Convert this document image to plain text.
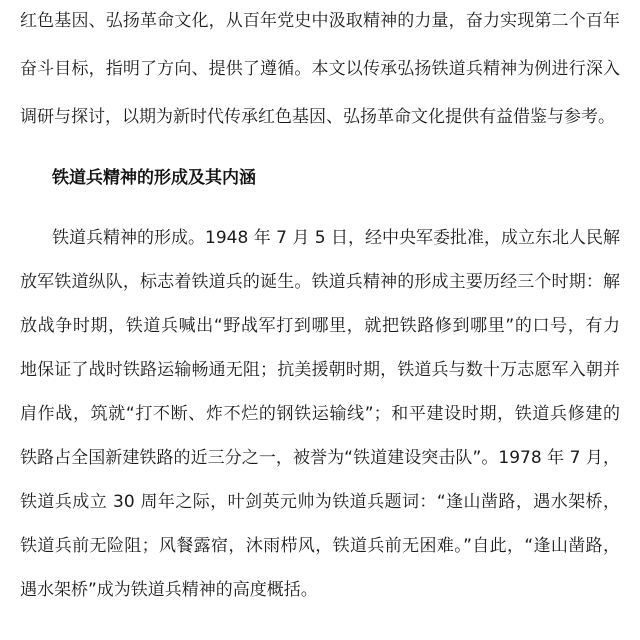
红色基因、弘扬革命文化，从百年党史中汲取精神的力量，奋力实现第二个百年
奋斗目标，指明了方向、提供了遵循。本文以传承弘扬铁道兵精神为例进行深入
调研与探讨，以期为新时代传承红色基因、弘扬革命文化提供有益借鉴与参考。
铁道兵精神的形成及其内涵
铁道兵精神的形成。1948 年 7 月 5 日，经中央军委批准，成立东北人民解
放军铁道纵队，标志着铁道兵的诞生。铁道兵精神的形成主要历经三个时期：解
放战争时期，铁道兵喊出“野战军打到哪里，就把铁路修到哪里”的口号，有力
地保证了战时铁路运输畅通无阻；抗美援朝时期，铁道兵与数十万志愿军入朝并
肩作战，筑就“打不断、炸不烂的钢铁运输线”；和平建设时期，铁道兵修建的
铁路占全国新建铁路的近三分之一，被誉为“铁道建设突击队”。1978 年 7 月，
铁道兵成立 30 周年之际，叶剑英元帅为铁道兵题词：“逢山凿路，遇水架桥，
铁道兵前无险阻；风餐露宿，沐雨栉风，铁道兵前无困难。”自此，“逢山凿路，
遇水架桥”成为铁道兵精神的高度概括。
